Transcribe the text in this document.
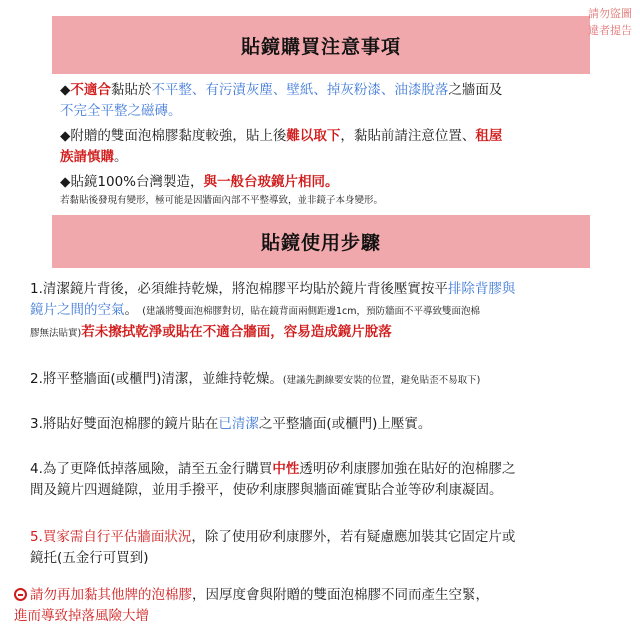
貼鏡購買注意事項
請勿盜圖
違者提告
◆不適合黏貼於不平整、有污漬灰塵、壁紙、掉灰粉漆、油漆脫落之牆面及
不完全平整之磁磚。
◆附贈的雙面泡棉膠黏度較強，貼上後難以取下，黏貼前請注意位置、租屋
族請慎購。
◆貼鏡100%台灣製造，與一般台玻鏡片相同。
若黏貼後發現有變形，極可能是因牆面內部不平整導致，並非鏡子本身變形。
貼鏡使用步驟
1.清潔鏡片背後，必須維持乾燥，將泡棉膠平均貼於鏡片背後壓實按平排除背膠與
鏡片之間的空氣。 (建議將雙面泡棉膠對切，貼在鏡背面兩側距邊1cm，預防牆面不平導致雙面泡棉
膠無法貼實)若未擦拭乾淨或貼在不適合牆面，容易造成鏡片脫落
2.將平整牆面(或櫃門)清潔，並維持乾燥。(建議先劃線要安裝的位置，避免貼歪不易取下)
3.將貼好雙面泡棉膠的鏡片貼在已清潔之平整牆面(或櫃門)上壓實。
4.為了更降低掉落風險，請至五金行購買中性透明矽利康膠加強在貼好的泡棉膠之
間及鏡片四週縫隙，並用手撥平，使矽利康膠與牆面確實貼合並等矽利康凝固。
5.買家需自行平估牆面狀況，除了使用矽利康膠外，若有疑慮應加裝其它固定片或
鏡托(五金行可買到)
請勿再加黏其他牌的泡棉膠，因厚度會與附贈的雙面泡棉膠不同而產生空緊，
進而導致掉落風險大增
